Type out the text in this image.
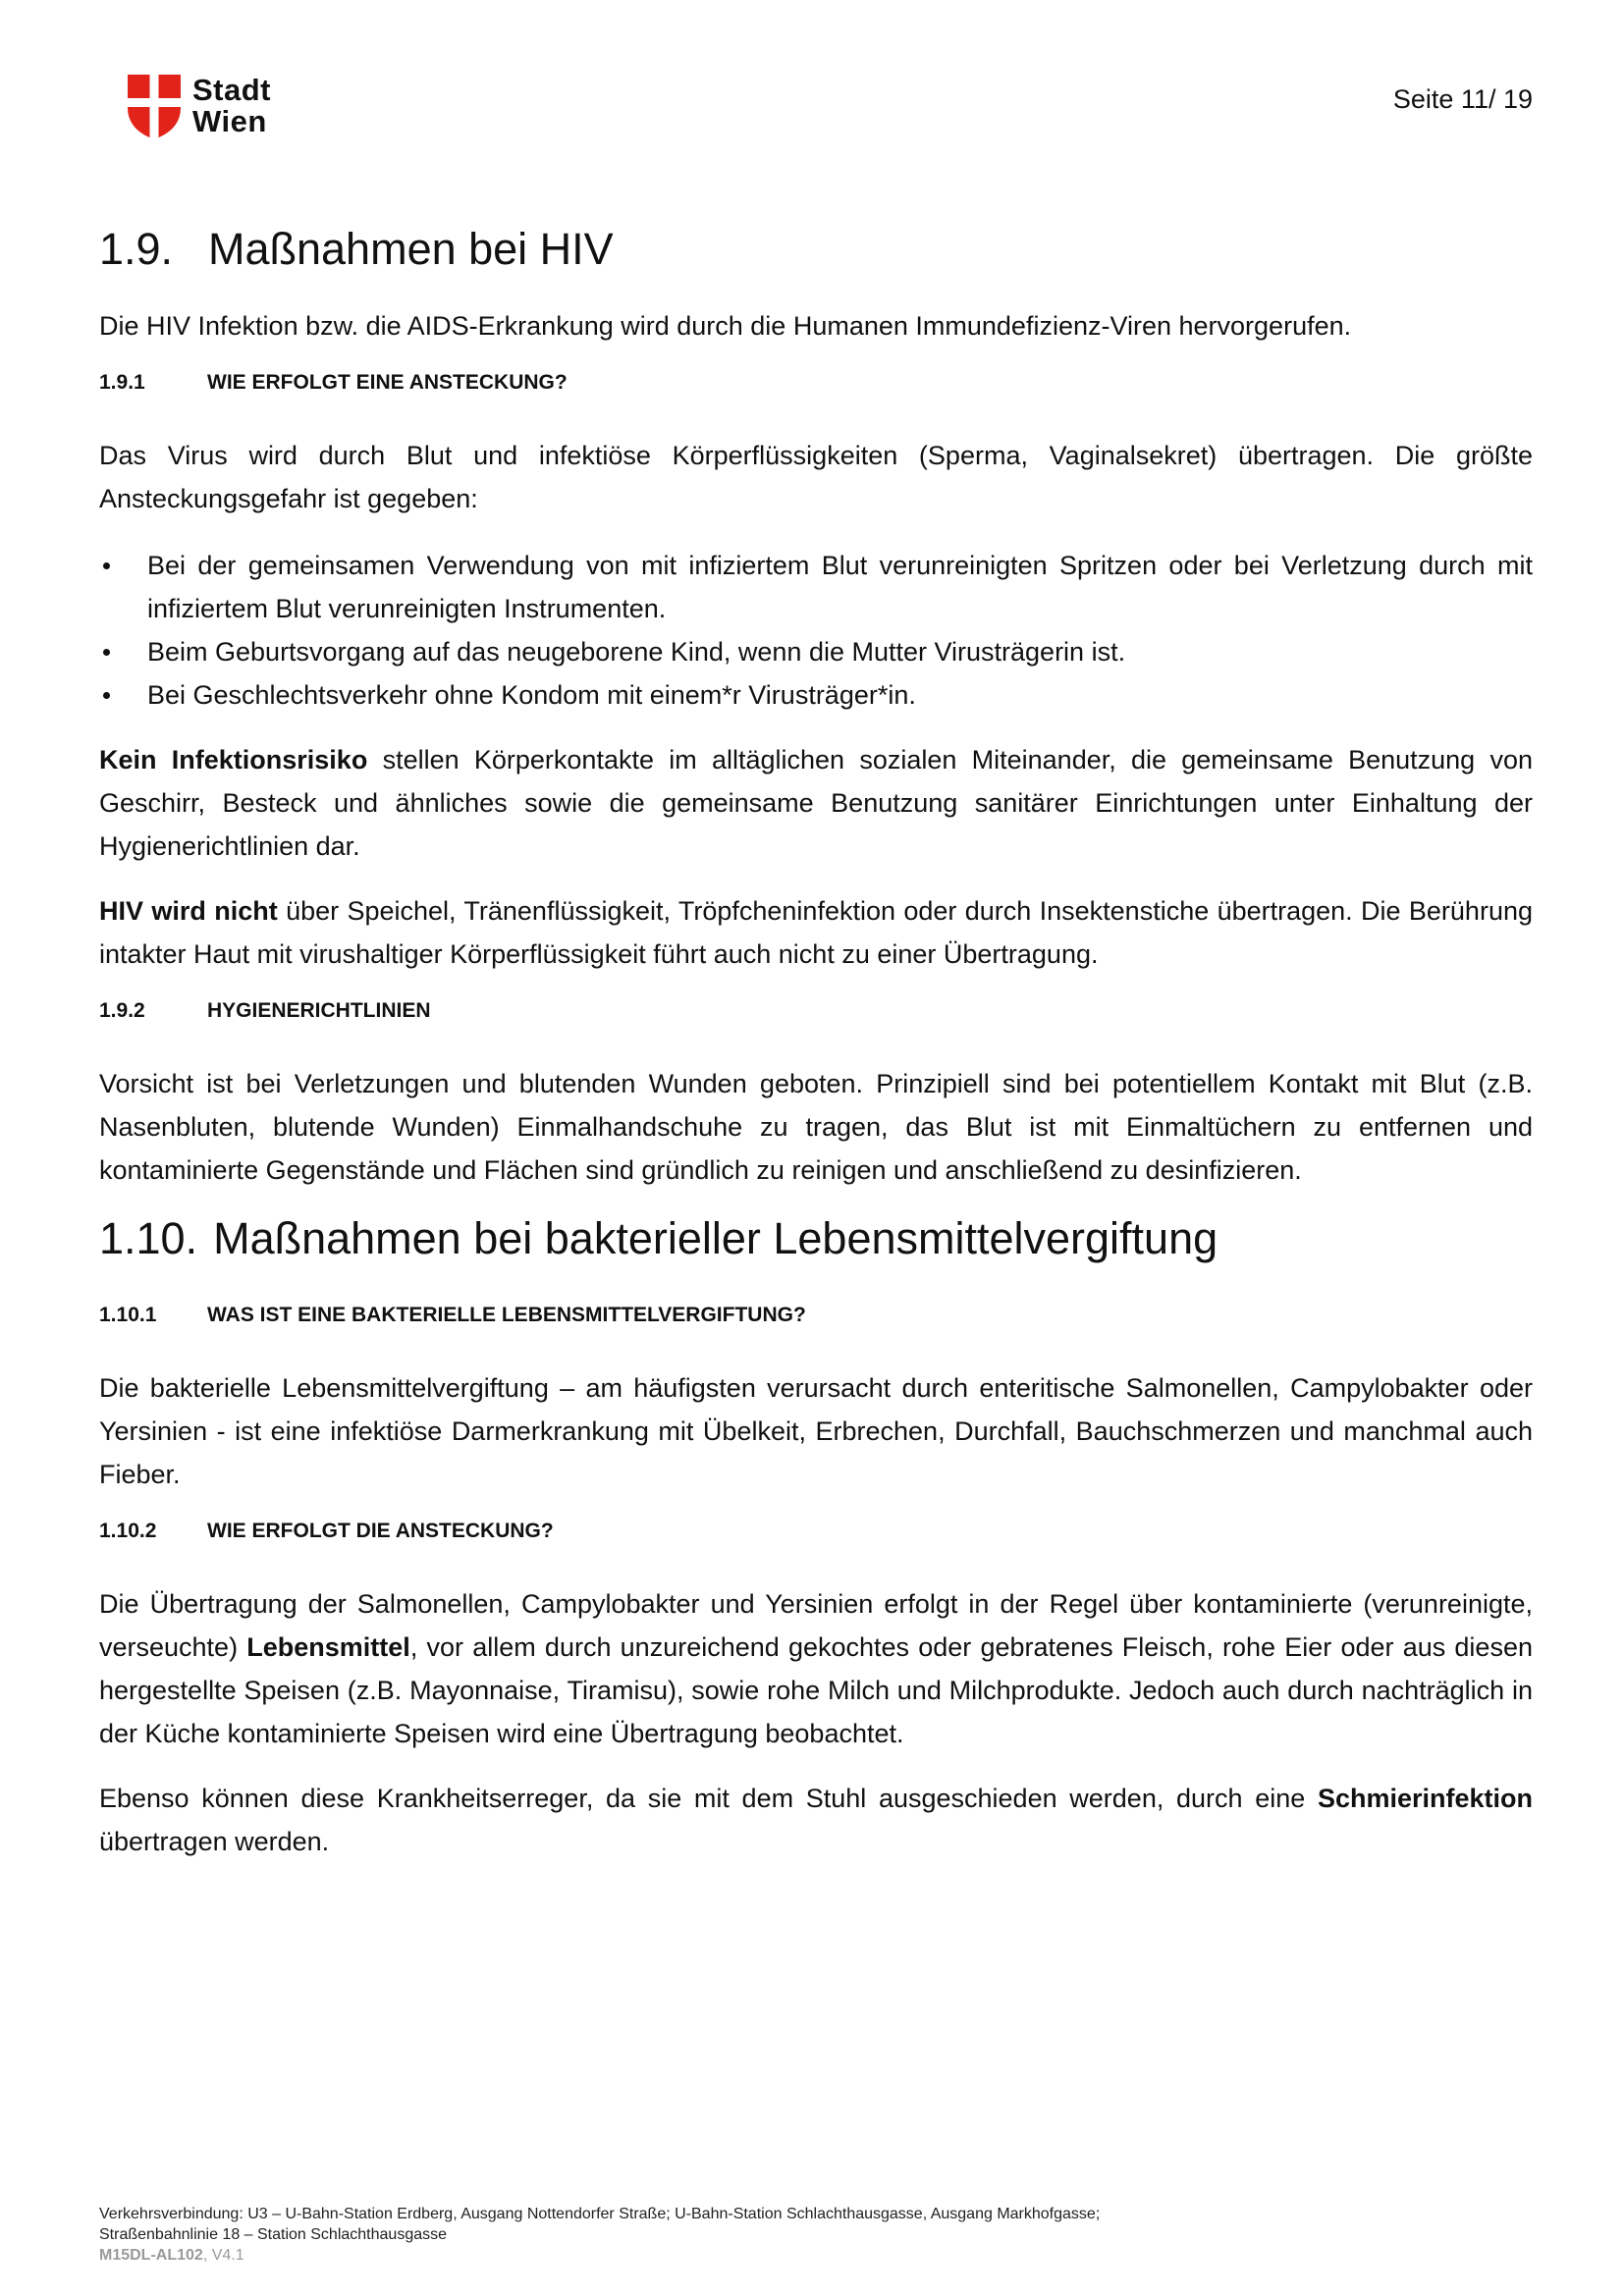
Stadt
Wien
Seite 11/ 19
1.9. Maßnahmen bei HIV

Die HIV Infektion bzw. die AIDS-Erkrankung wird durch die Humanen Immundefizienz-Viren hervorgerufen.

1.9.1	WIE ERFOLGT EINE ANSTECKUNG?

Das Virus wird durch Blut und infektiöse Körperflüssigkeiten (Sperma, Vaginalsekret) übertragen. Die größte Ansteckungsgefahr ist gegeben:

Bei der gemeinsamen Verwendung von mit infiziertem Blut verunreinigten Spritzen oder bei Verletzung durch mit infiziertem Blut verunreinigten Instrumenten.
Beim Geburtsvorgang auf das neugeborene Kind, wenn die Mutter Virusträgerin ist.
Bei Geschlechtsverkehr ohne Kondom mit einem*r Virusträger*in.

Kein Infektionsrisiko stellen Körperkontakte im alltäglichen sozialen Miteinander, die gemeinsame Benutzung von Geschirr, Besteck und ähnliches sowie die gemeinsame Benutzung sanitärer Einrichtungen unter Einhaltung der Hygienerichtlinien dar.

HIV wird nicht über Speichel, Tränenflüssigkeit, Tröpfcheninfektion oder durch Insektenstiche übertragen. Die Berührung intakter Haut mit virushaltiger Körperflüssigkeit führt auch nicht zu einer Übertragung.

1.9.2	HYGIENERICHTLINIEN

Vorsicht ist bei Verletzungen und blutenden Wunden geboten. Prinzipiell sind bei potentiellem Kontakt mit Blut (z.B. Nasenbluten, blutende Wunden) Einmalhandschuhe zu tragen, das Blut ist mit Einmaltüchern zu entfernen und kontaminierte Gegenstände und Flächen sind gründlich zu reinigen und anschließend zu desinfizieren.

1.10. Maßnahmen bei bakterieller Lebensmittelvergiftung
1.10.1 WAS IST EINE BAKTERIELLE LEBENSMITTELVERGIFTUNG?

Die bakterielle Lebensmittelvergiftung – am häufigsten verursacht durch enteritische Salmonellen, Campylobakter oder Yersinien - ist eine infektiöse Darmerkrankung mit Übelkeit, Erbrechen, Durchfall, Bauchschmerzen und manchmal auch Fieber.

1.10.2 WIE ERFOLGT DIE ANSTECKUNG?

Die Übertragung der Salmonellen, Campylobakter und Yersinien erfolgt in der Regel über kontaminierte (verunreinigte, verseuchte) Lebensmittel, vor allem durch unzureichend gekochtes oder gebratenes Fleisch, rohe Eier oder aus diesen hergestellte Speisen (z.B. Mayonnaise, Tiramisu), sowie rohe Milch und Milchprodukte. Jedoch auch durch nachträglich in der Küche kontaminierte Speisen wird eine Übertragung beobachtet.

Ebenso können diese Krankheitserreger, da sie mit dem Stuhl ausgeschieden werden, durch eine Schmierinfektion übertragen werden.

Verkehrsverbindung: U3 – U-Bahn-Station Erdberg, Ausgang Nottendorfer Straße; U-Bahn-Station Schlachthausgasse, Ausgang Markhofgasse;
Straßenbahnlinie 18 – Station Schlachthausgasse
M15DL-AL102, V4.1
